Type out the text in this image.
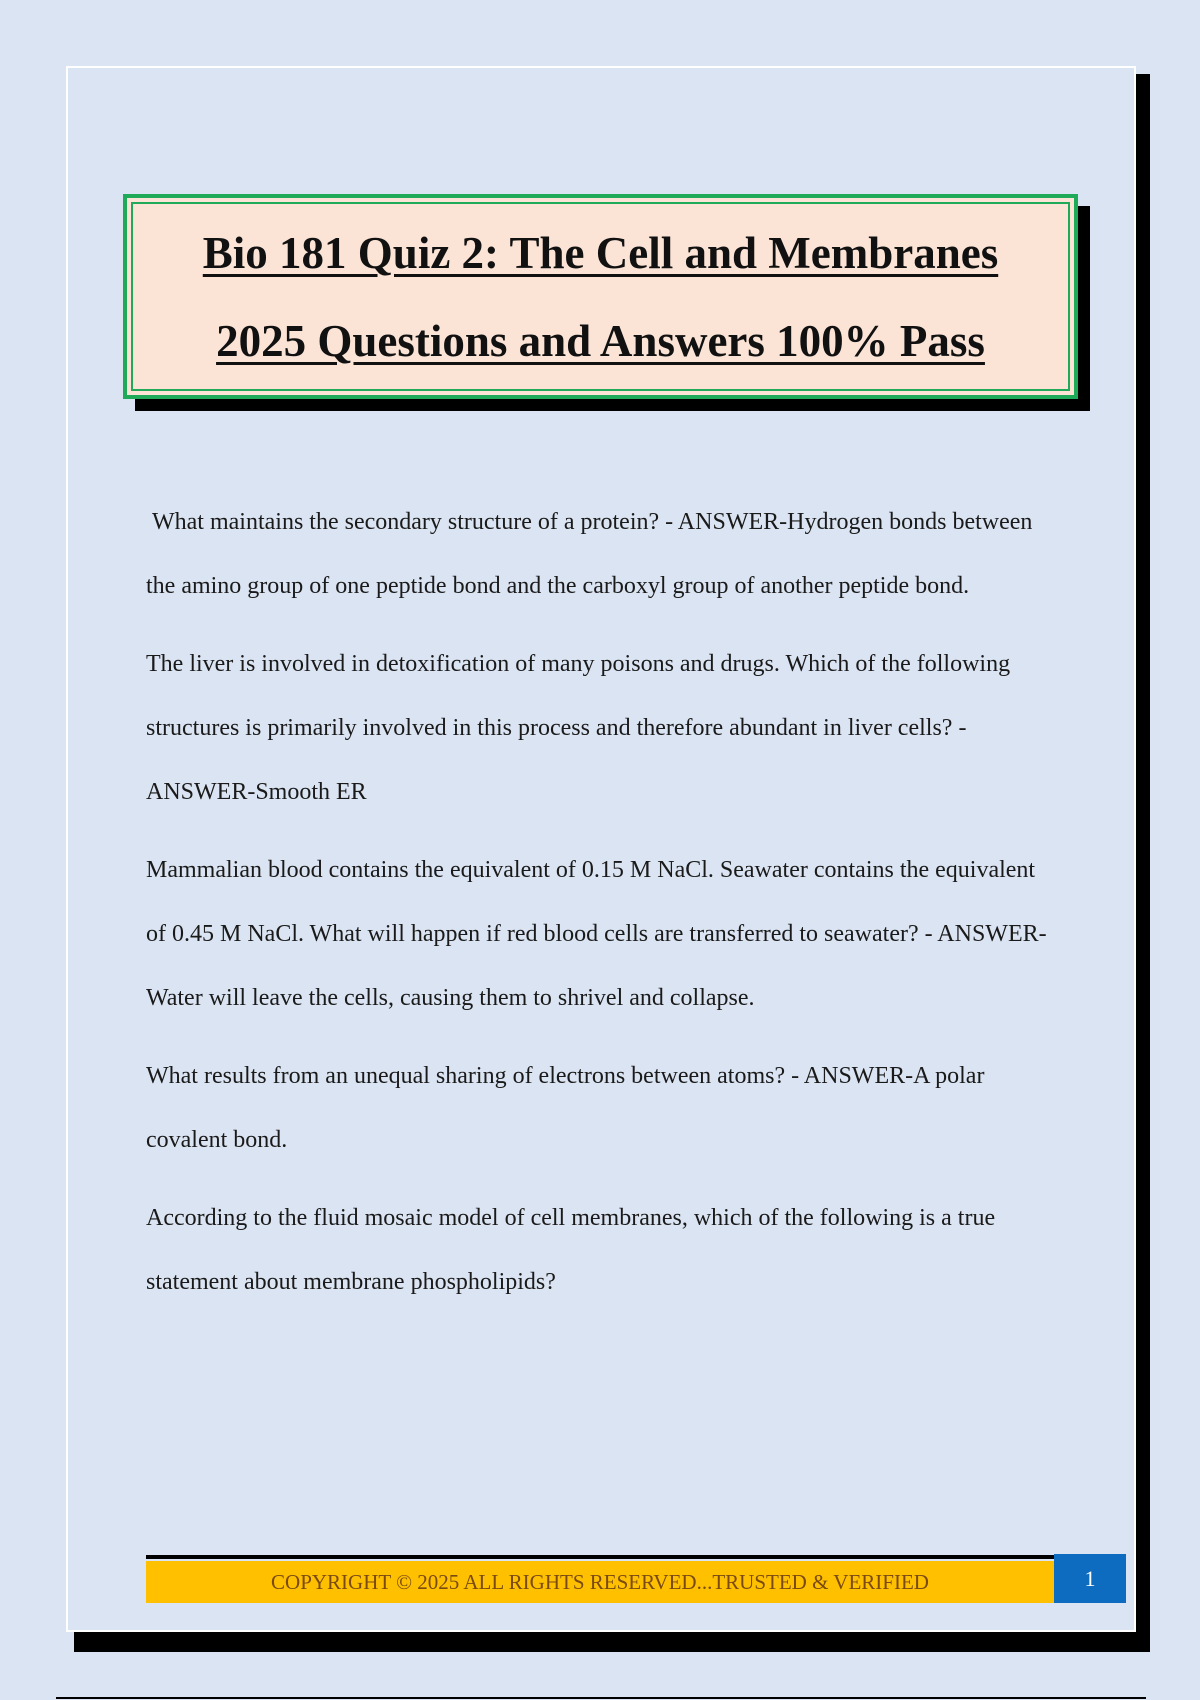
Bio 181 Quiz 2: The Cell and Membranes
2025 Questions and Answers 100% Pass

What maintains the secondary structure of a protein? - ANSWER-Hydrogen bonds between the amino group of one peptide bond and the carboxyl group of another peptide bond.

The liver is involved in detoxification of many poisons and drugs. Which of the following structures is primarily involved in this process and therefore abundant in liver cells? - ANSWER-Smooth ER

Mammalian blood contains the equivalent of 0.15 M NaCl. Seawater contains the equivalent of 0.45 M NaCl. What will happen if red blood cells are transferred to seawater? - ANSWER-Water will leave the cells, causing them to shrivel and collapse.

What results from an unequal sharing of electrons between atoms? - ANSWER-A polar covalent bond.

According to the fluid mosaic model of cell membranes, which of the following is a true statement about membrane phospholipids?

COPYRIGHT © 2025 ALL RIGHTS RESERVED...TRUSTED & VERIFIED	1
